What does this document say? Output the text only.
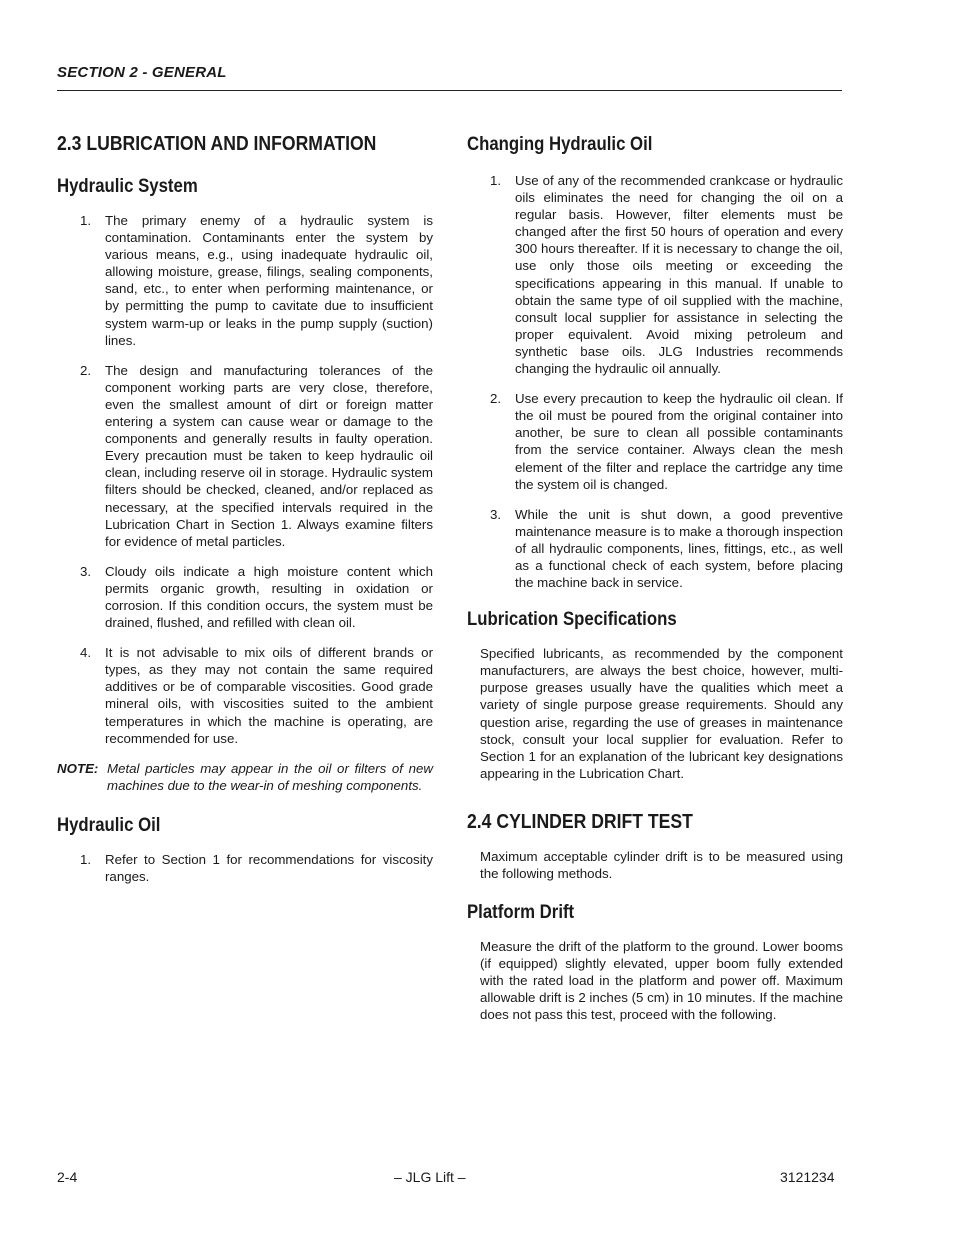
SECTION 2 - GENERAL
2.3 LUBRICATION AND INFORMATION
Hydraulic System
1. The primary enemy of a hydraulic system is contamination. Contaminants enter the system by various means, e.g., using inadequate hydraulic oil, allowing moisture, grease, filings, sealing components, sand, etc., to enter when performing maintenance, or by permitting the pump to cavitate due to insufficient system warm-up or leaks in the pump supply (suction) lines.
2. The design and manufacturing tolerances of the component working parts are very close, therefore, even the smallest amount of dirt or foreign matter entering a system can cause wear or damage to the components and generally results in faulty operation. Every precaution must be taken to keep hydraulic oil clean, including reserve oil in storage. Hydraulic system filters should be checked, cleaned, and/or replaced as necessary, at the specified intervals required in the Lubrication Chart in Section 1. Always examine filters for evidence of metal particles.
3. Cloudy oils indicate a high moisture content which permits organic growth, resulting in oxidation or corrosion. If this condition occurs, the system must be drained, flushed, and refilled with clean oil.
4. It is not advisable to mix oils of different brands or types, as they may not contain the same required additives or be of comparable viscosities. Good grade mineral oils, with viscosities suited to the ambient temperatures in which the machine is operating, are recommended for use.
NOTE: Metal particles may appear in the oil or filters of new machines due to the wear-in of meshing components.
Hydraulic Oil
1. Refer to Section 1 for recommendations for viscosity ranges.
Changing Hydraulic Oil
1. Use of any of the recommended crankcase or hydraulic oils eliminates the need for changing the oil on a regular basis. However, filter elements must be changed after the first 50 hours of operation and every 300 hours thereafter. If it is necessary to change the oil, use only those oils meeting or exceeding the specifications appearing in this manual. If unable to obtain the same type of oil supplied with the machine, consult local supplier for assistance in selecting the proper equivalent. Avoid mixing petroleum and synthetic base oils. JLG Industries recommends changing the hydraulic oil annually.
2. Use every precaution to keep the hydraulic oil clean. If the oil must be poured from the original container into another, be sure to clean all possible contaminants from the service container. Always clean the mesh element of the filter and replace the cartridge any time the system oil is changed.
3. While the unit is shut down, a good preventive maintenance measure is to make a thorough inspection of all hydraulic components, lines, fittings, etc., as well as a functional check of each system, before placing the machine back in service.
Lubrication Specifications

Specified lubricants, as recommended by the component manufacturers, are always the best choice, however, multi-purpose greases usually have the qualities which meet a variety of single purpose grease requirements. Should any question arise, regarding the use of greases in maintenance stock, consult your local supplier for evaluation. Refer to Section 1 for an explanation of the lubricant key designations appearing in the Lubrication Chart.

2.4 CYLINDER DRIFT TEST

Maximum acceptable cylinder drift is to be measured using the following methods.

Platform Drift

Measure the drift of the platform to the ground. Lower booms (if equipped) slightly elevated, upper boom fully extended with the rated load in the platform and power off. Maximum allowable drift is 2 inches (5 cm) in 10 minutes. If the machine does not pass this test, proceed with the following.

2-4	– JLG Lift –	3121234
